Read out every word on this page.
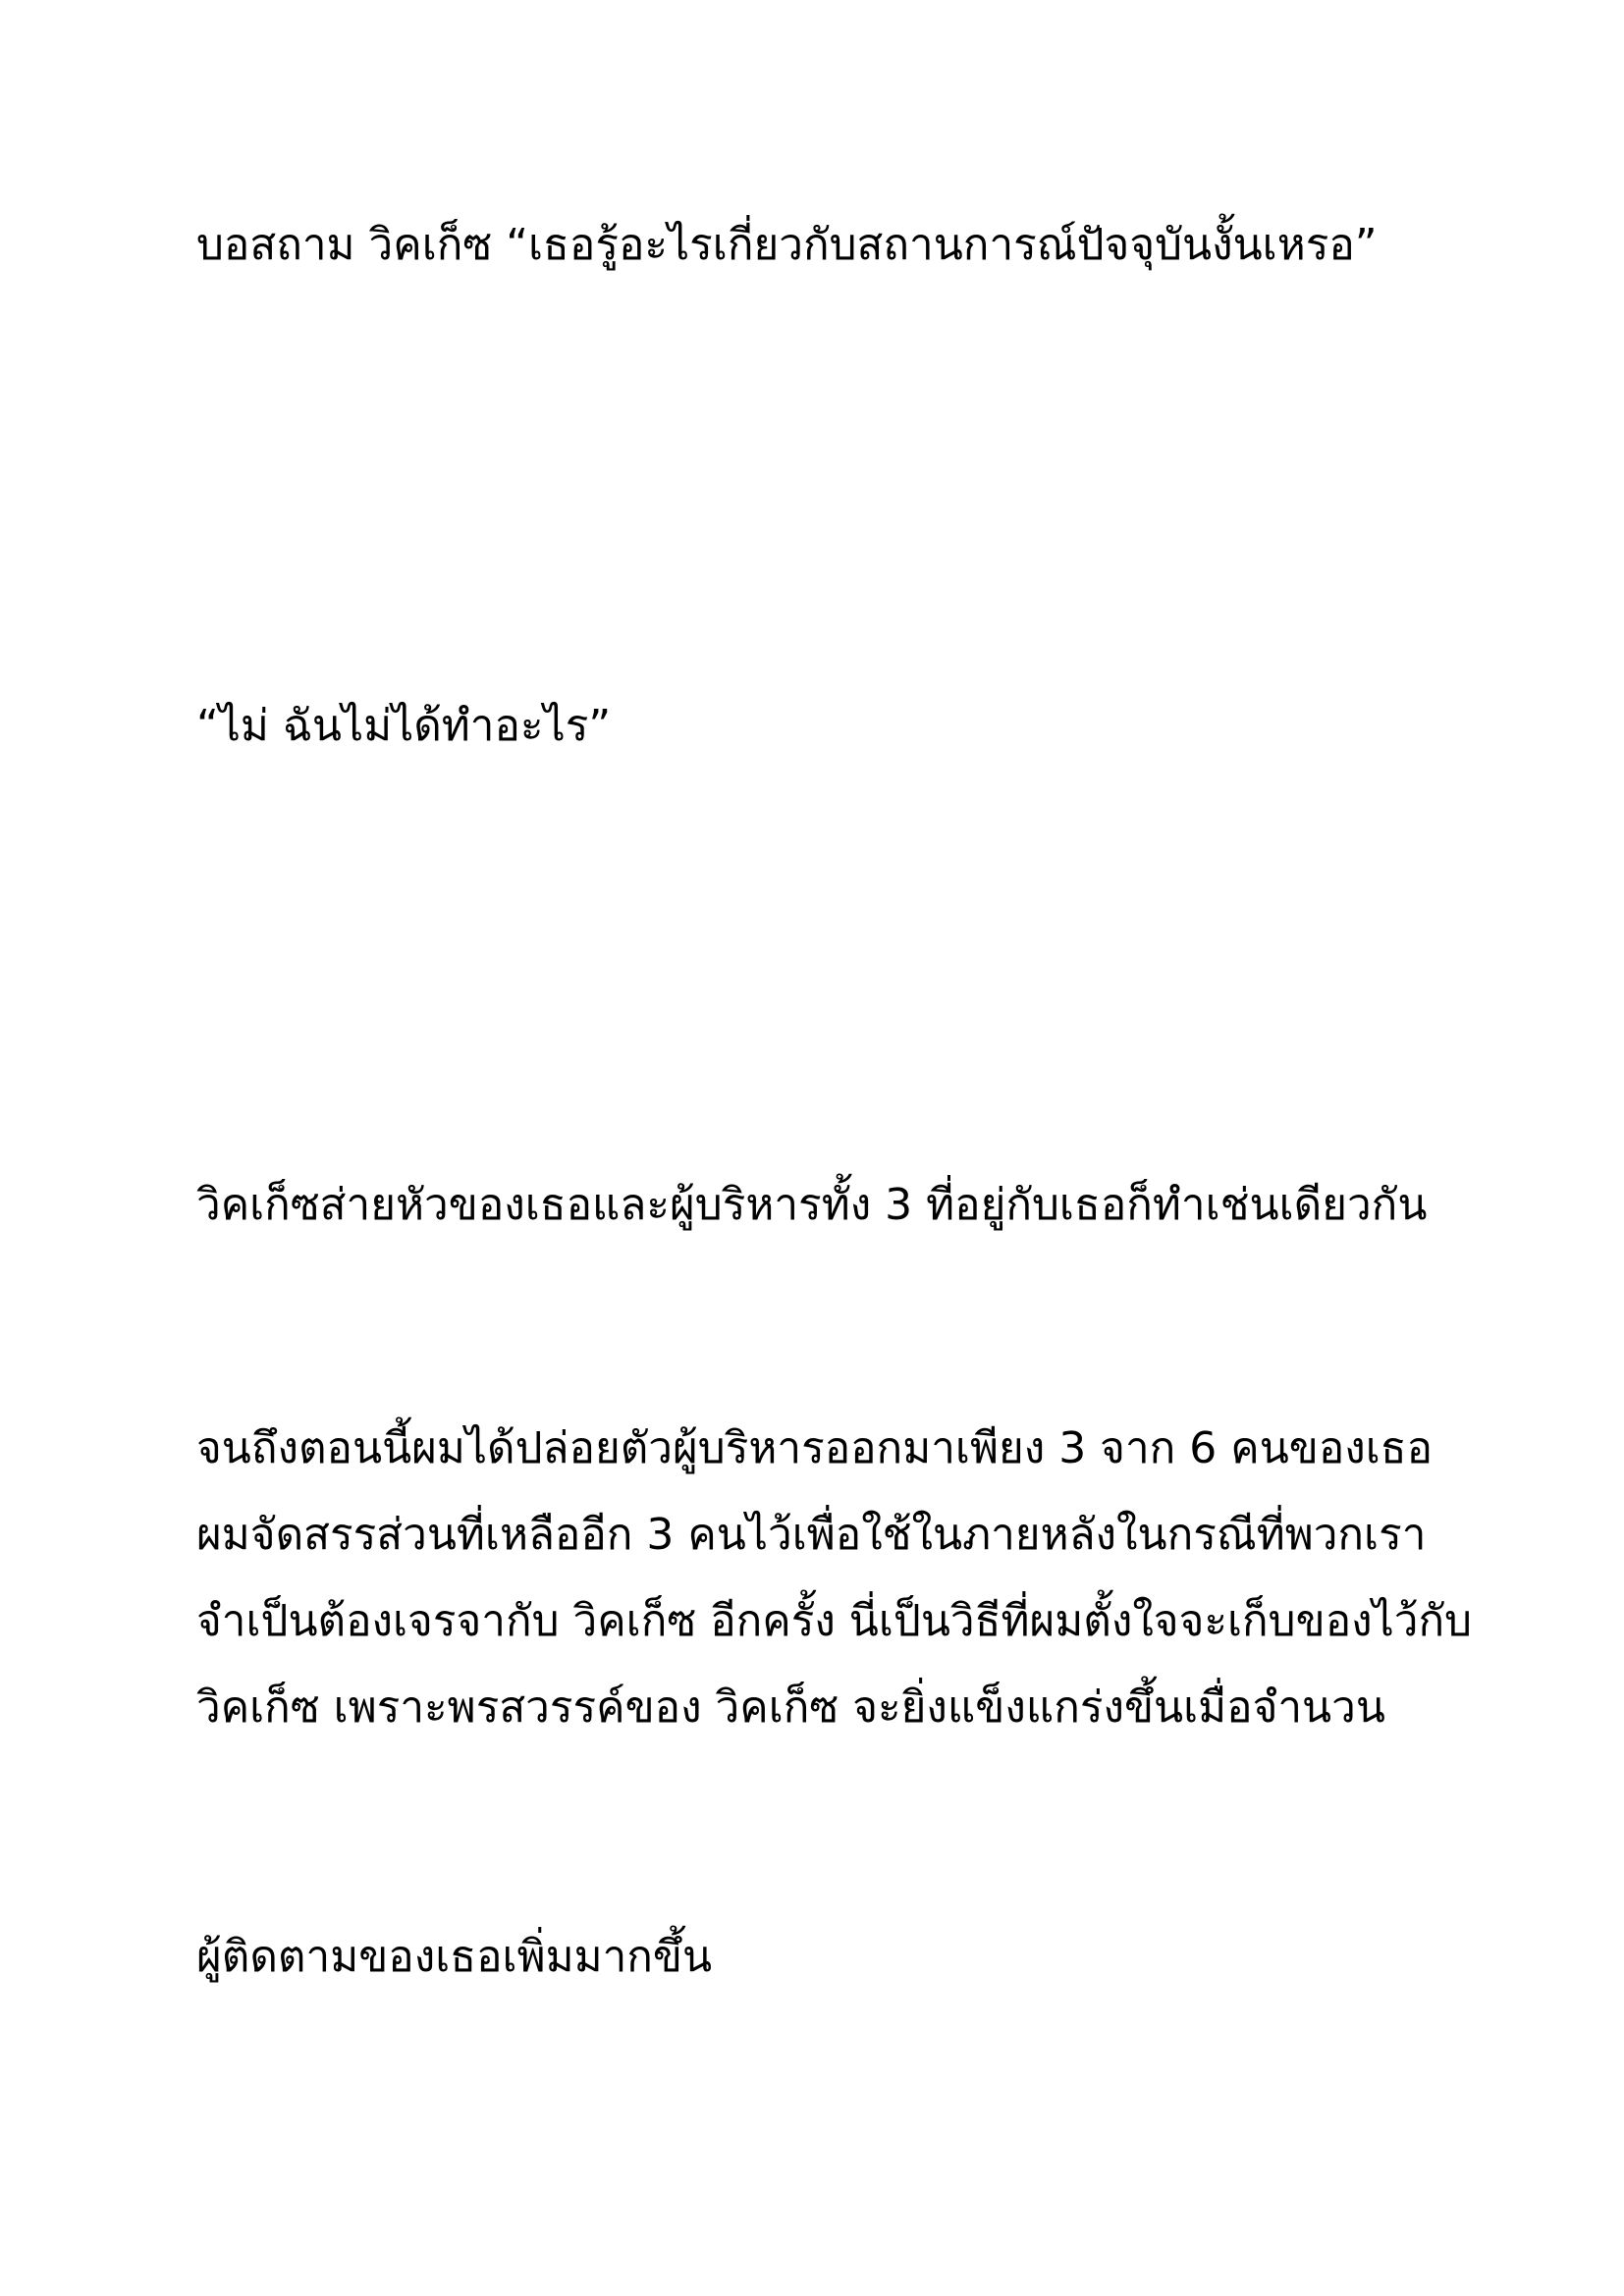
บอสถาม วิคเก็ซ “เธอรู้อะไรเกี่ยวกับสถานการณ์ปัจจุบันงั้นเหรอ”

“ไม่ ฉันไม่ได้ทำอะไร”

วิคเก็ซส่ายหัวของเธอและผู้บริหารทั้ง 3 ที่อยู่กับเธอก็ทำเช่นเดียวกัน

จนถึงตอนนี้ผมได้ปล่อยตัวผู้บริหารออกมาเพียง 3 จาก 6 คนของเธอ
ผมจัดสรรส่วนที่เหลืออีก 3 คนไว้เพื่อใช้ในภายหลังในกรณีที่พวกเรา
จำเป็นต้องเจรจากับ วิคเก็ซ อีกครั้ง นี่เป็นวิธีที่ผมตั้งใจจะเก็บของไว้กับ
วิคเก็ซ เพราะพรสวรรค์ของ วิคเก็ซ จะยิ่งแข็งแกร่งขึ้นเมื่อจำนวน

ผู้ติดตามของเธอเพิ่มมากขึ้น
